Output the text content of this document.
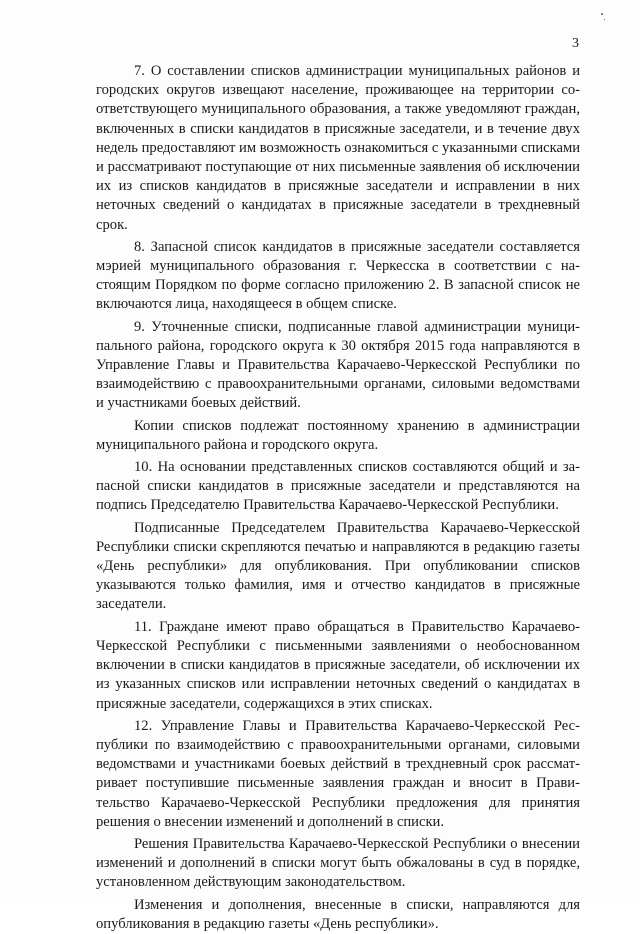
3

7. О составлении списков администрации муниципальных районов и городских округов извещают население, проживающее на территории соответствующего муниципального образования, а также уведомляют граждан, включенных в списки кандидатов в присяжные заседатели, и в течение двух недель предоставляют им возможность ознакомиться с указанными списками и рассматривают поступающие от них письменные заявления об исключении их из списков кандидатов в присяжные заседатели и исправлении в них неточных сведений о кандидатах в присяжные заседатели в трехдневный срок.

8. Запасной список кандидатов в присяжные заседатели составляется мэрией муниципального образования г. Черкесска в соответствии с настоящим Порядком по форме согласно приложению 2. В запасной список не включаются лица, находящееся в общем списке.

9. Уточненные списки, подписанные главой администрации муниципального района, городского округа к 30 октября 2015 года направляются в Управление Главы и Правительства Карачаево-Черкесской Республики по взаимодействию с правоохранительными органами, силовыми ведомствами и участниками боевых действий.

Копии списков подлежат постоянному хранению в администрации муниципального района и городского округа.

10. На основании представленных списков составляются общий и запасной списки кандидатов в присяжные заседатели и представляются на подпись Председателю Правительства Карачаево-Черкесской Республики.

Подписанные Председателем Правительства Карачаево-Черкесской Республики списки скрепляются печатью и направляются в редакцию газеты «День республики» для опубликования. При опубликовании списков указываются только фамилия, имя и отчество кандидатов в присяжные заседатели.

11. Граждане имеют право обращаться в Правительство Карачаево-Черкесской Республики с письменными заявлениями о необоснованном включении в списки кандидатов в присяжные заседатели, об исключении их из указанных списков или исправлении неточных сведений о кандидатах в присяжные заседатели, содержащихся в этих списках.

12. Управление Главы и Правительства Карачаево-Черкесской Республики по взаимодействию с правоохранительными органами, силовыми ведомствами и участниками боевых действий в трехдневный срок рассматривает поступившие письменные заявления граждан и вносит в Правительство Карачаево-Черкесской Республики предложения для принятия решения о внесении изменений и дополнений в списки.

Решения Правительства Карачаево-Черкесской Республики о внесении изменений и дополнений в списки могут быть обжалованы в суд в порядке, установленном действующим законодательством.

Изменения и дополнения, внесенные в списки, направляются для опубликования в редакцию газеты «День республики».
